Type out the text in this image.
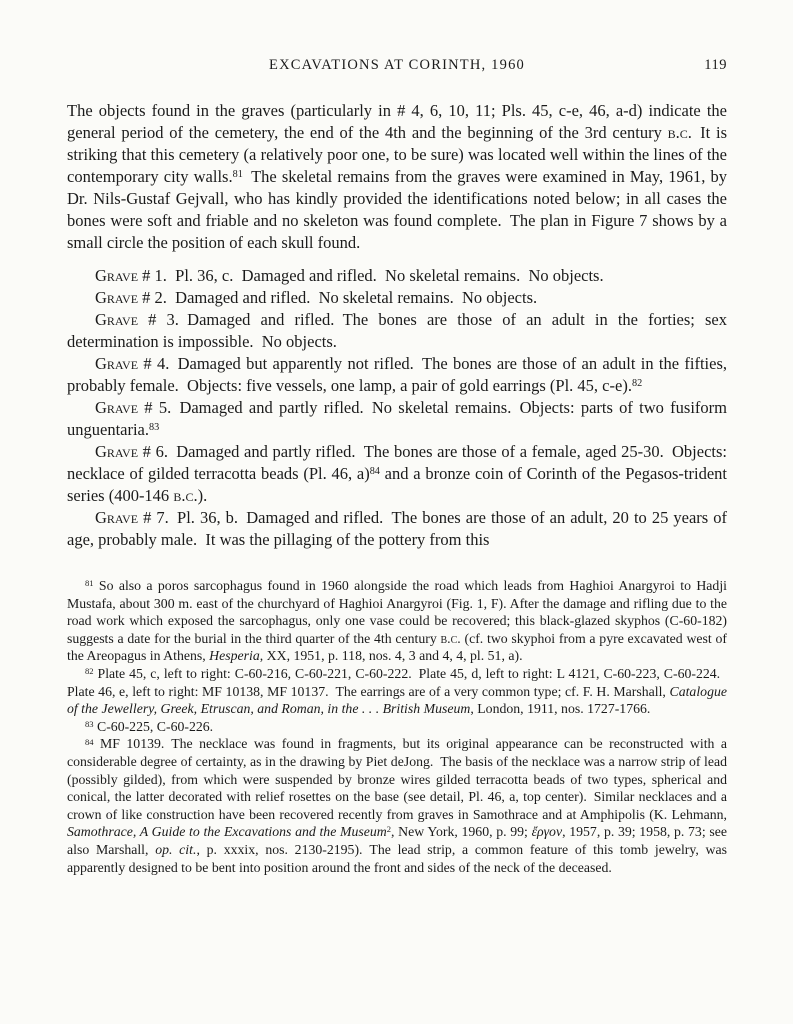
EXCAVATIONS AT CORINTH, 1960	119

The objects found in the graves (particularly in # 4, 6, 10, 11; Pls. 45, c-e, 46, a-d) indicate the general period of the cemetery, the end of the 4th and the beginning of the 3rd century b.c. It is striking that this cemetery (a relatively poor one, to be sure) was located well within the lines of the contemporary city walls.$^{81}$ The skeletal remains from the graves were examined in May, 1961, by Dr. Nils-Gustaf Gejvall, who has kindly provided the identifications noted below; in all cases the bones were soft and friable and no skeleton was found complete. The plan in Figure 7 shows by a small circle the position of each skull found.

Grave # 1. Pl. 36, c. Damaged and rifled. No skeletal remains. No objects.

Grave # 2. Damaged and rifled. No skeletal remains. No objects.

Grave # 3. Damaged and rifled. The bones are those of an adult in the forties; sex determination is impossible. No objects.

Grave # 4. Damaged but apparently not rifled. The bones are those of an adult in the fifties, probably female. Objects: five vessels, one lamp, a pair of gold earrings (Pl. 45, c-e).$^{82}$

Grave # 5. Damaged and partly rifled. No skeletal remains. Objects: parts of two fusiform unguentaria.$^{83}$

Grave # 6. Damaged and partly rifled. The bones are those of a female, aged 25-30. Objects: necklace of gilded terracotta beads (Pl. 46, a)$^{84}$ and a bronze coin of Corinth of the Pegasos-trident series (400-146 b.c.).

Grave # 7. Pl. 36, b. Damaged and rifled. The bones are those of an adult, 20 to 25 years of age, probably male. It was the pillaging of the pottery from this

$^{81}$ So also a poros sarcophagus found in 1960 alongside the road which leads from Haghioi Anargyroi to Hadji Mustafa, about 300 m. east of the churchyard of Haghioi Anargyroi (Fig. 1, F). After the damage and rifling due to the road work which exposed the sarcophagus, only one vase could be recovered; this black-glazed skyphos (C-60-182) suggests a date for the burial in the third quarter of the 4th century b.c. (cf. two skyphoi from a pyre excavated west of the Areopagus in Athens, Hesperia, XX, 1951, p. 118, nos. 4, 3 and 4, 4, pl. 51, a).

$^{82}$ Plate 45, c, left to right: C-60-216, C-60-221, C-60-222. Plate 45, d, left to right: L 4121, C-60-223, C-60-224. Plate 46, e, left to right: MF 10138, MF 10137. The earrings are of a very common type; cf. F. H. Marshall, Catalogue of the Jewellery, Greek, Etruscan, and Roman, in the . . . British Museum, London, 1911, nos. 1727-1766.

$^{83}$ C-60-225, C-60-226.

$^{84}$ MF 10139. The necklace was found in fragments, but its original appearance can be reconstructed with a considerable degree of certainty, as in the drawing by Piet deJong. The basis of the necklace was a narrow strip of lead (possibly gilded), from which were suspended by bronze wires gilded terracotta beads of two types, spherical and conical, the latter decorated with relief rosettes on the base (see detail, Pl. 46, a, top center). Similar necklaces and a crown of like construction have been recovered recently from graves in Samothrace and at Amphipolis (K. Lehmann, Samothrace, A Guide to the Excavations and the Museum$^2$, New York, 1960, p. 99; ἔργον, 1957, p. 39; 1958, p. 73; see also Marshall, op. cit., p. xxxix, nos. 2130-2195). The lead strip, a common feature of this tomb jewelry, was apparently designed to be bent into position around the front and sides of the neck of the deceased.
